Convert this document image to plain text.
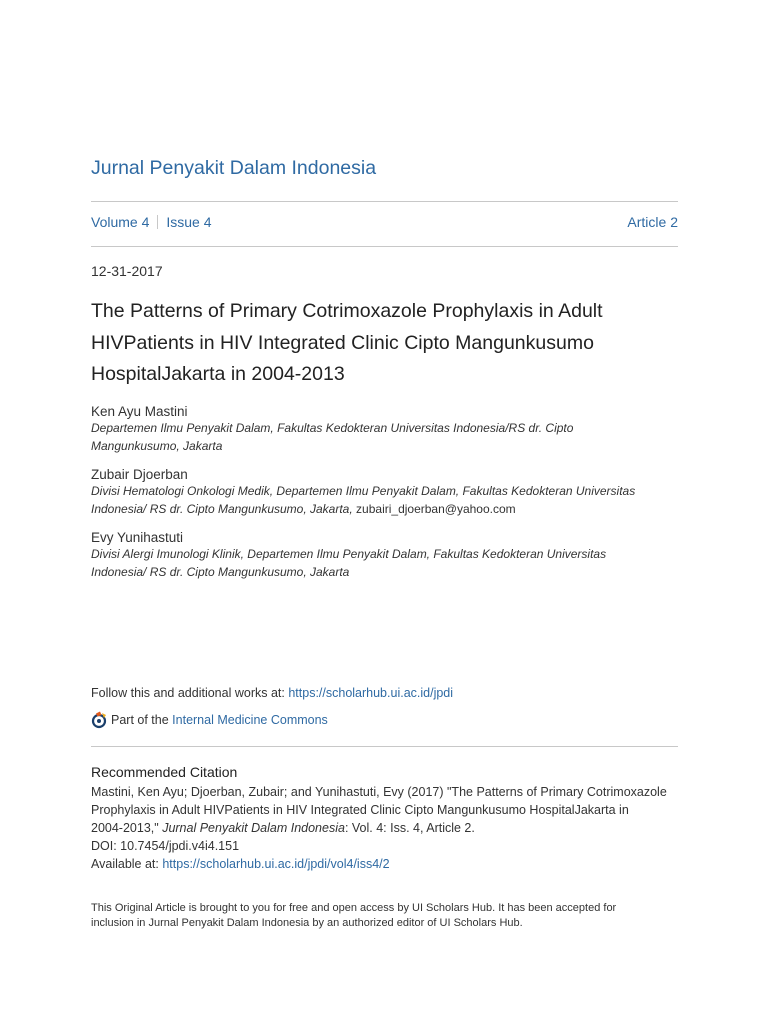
Jurnal Penyakit Dalam Indonesia
Volume 4 Issue 4	Article 2
12-31-2017
The Patterns of Primary Cotrimoxazole Prophylaxis in Adult
HIVPatients in HIV Integrated Clinic Cipto Mangunkusumo
HospitalJakarta in 2004-2013
Ken Ayu Mastini
Departemen Ilmu Penyakit Dalam, Fakultas Kedokteran Universitas Indonesia/RS dr. Cipto
Mangunkusumo, Jakarta
Zubair Djoerban
Divisi Hematologi Onkologi Medik, Departemen Ilmu Penyakit Dalam, Fakultas Kedokteran Universitas
Indonesia/ RS dr. Cipto Mangunkusumo, Jakarta, zubairi_djoerban@yahoo.com
Evy Yunihastuti
Divisi Alergi Imunologi Klinik, Departemen Ilmu Penyakit Dalam, Fakultas Kedokteran Universitas
Indonesia/ RS dr. Cipto Mangunkusumo, Jakarta
Follow this and additional works at: https://scholarhub.ui.ac.id/jpdi
Part of the
Internal Medicine Commons
Recommended Citation

Mastini, Ken Ayu; Djoerban, Zubair; and Yunihastuti, Evy (2017) "The Patterns of Primary Cotrimoxazole

Prophylaxis in Adult HIVPatients in HIV Integrated Clinic Cipto Mangunkusumo HospitalJakarta in

2004-2013," Jurnal Penyakit Dalam Indonesia: Vol. 4: Iss. 4, Article 2.

DOI: 10.7454/jpdi.v4i4.151

Available at: https://scholarhub.ui.ac.id/jpdi/vol4/iss4/2

This Original Article is brought to you for free and open access by UI Scholars Hub. It has been accepted for
inclusion in Jurnal Penyakit Dalam Indonesia by an authorized editor of UI Scholars Hub.
